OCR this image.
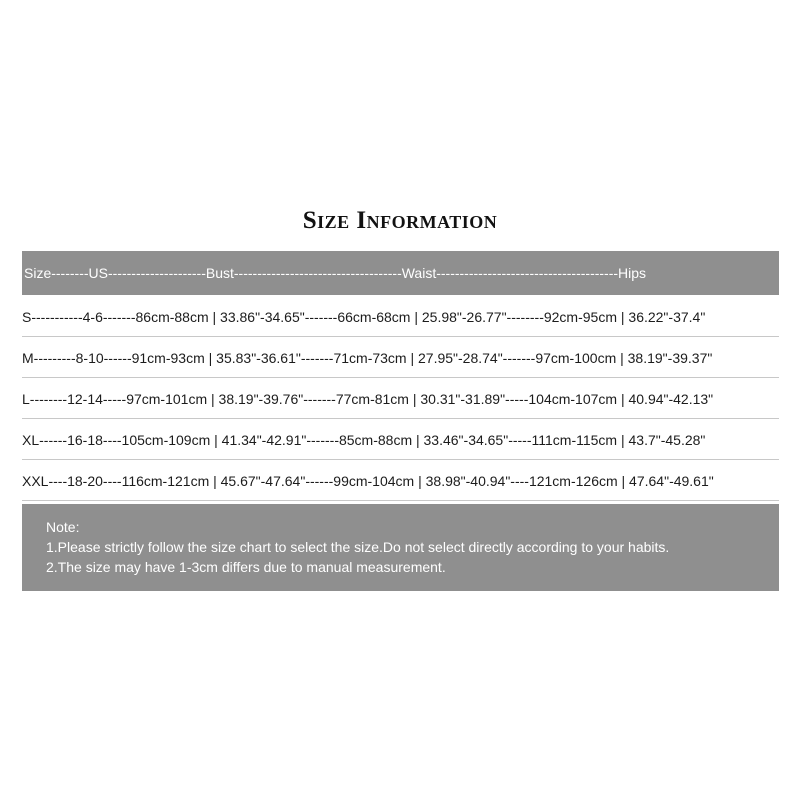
Size Information
Size--------US---------------------Bust------------------------------------Waist---------------------------------------Hips
S-----------4-6-------86cm-88cm | 33.86"-34.65"-------66cm-68cm | 25.98"-26.77"--------92cm-95cm | 36.22"-37.4"
M---------8-10------91cm-93cm | 35.83"-36.61"-------71cm-73cm | 27.95"-28.74"-------97cm-100cm | 38.19"-39.37"
L--------12-14-----97cm-101cm | 38.19"-39.76"-------77cm-81cm | 30.31"-31.89"-----104cm-107cm | 40.94"-42.13"
XL------16-18----105cm-109cm | 41.34"-42.91"-------85cm-88cm | 33.46"-34.65"-----111cm-115cm | 43.7"-45.28"
XXL----18-20----116cm-121cm | 45.67"-47.64"------99cm-104cm | 38.98"-40.94"----121cm-126cm | 47.64"-49.61"
Note:
1.Please strictly follow the size chart to select the size.Do not select directly according to your habits.
2.The size may have 1-3cm differs due to manual measurement.
